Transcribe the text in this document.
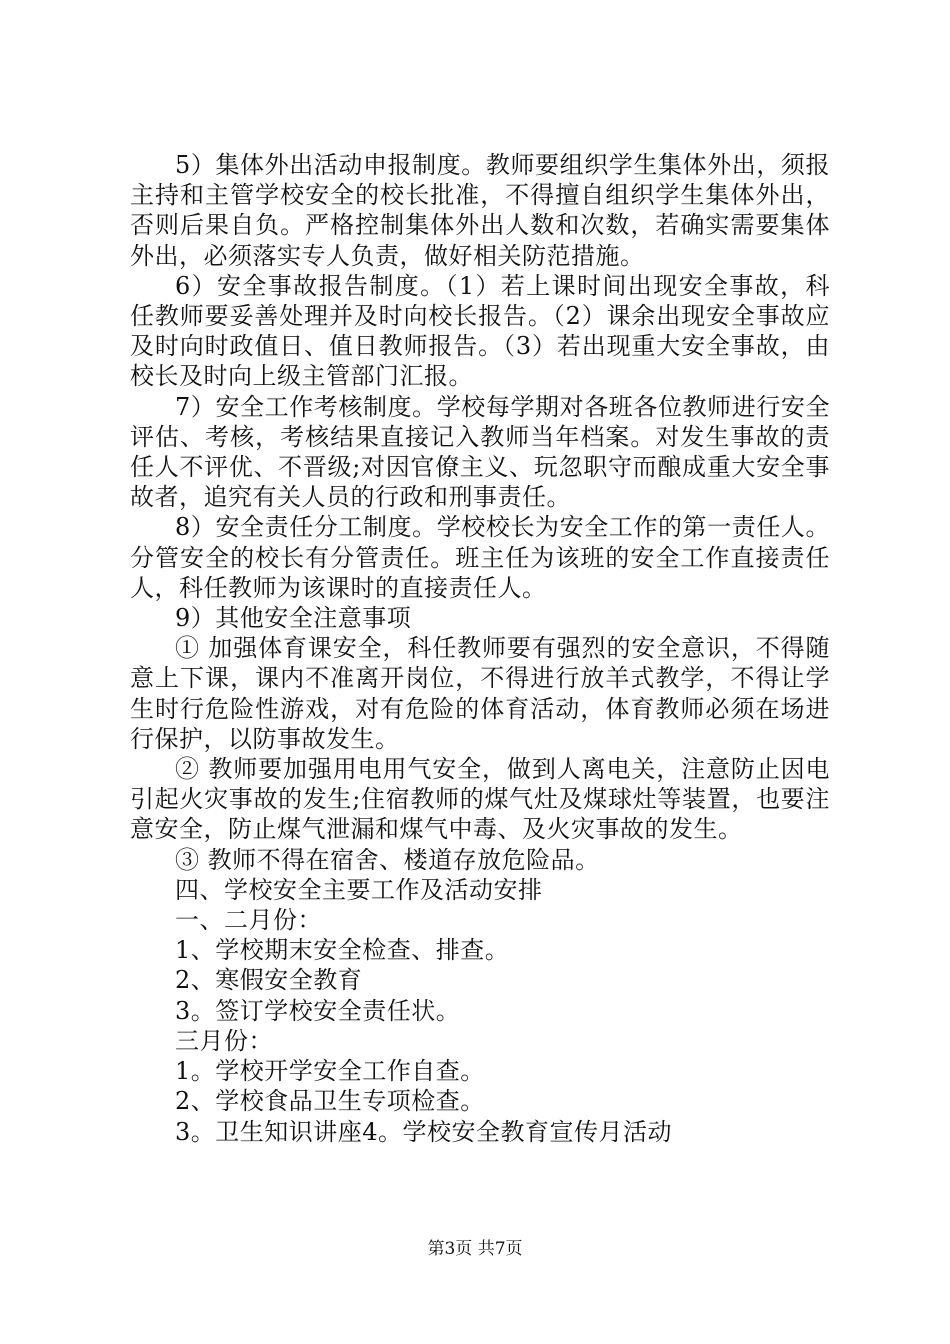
5）集体外出活动申报制度。教师要组织学生集体外出，须报主持和主管学校安全的校长批准，不得擅自组织学生集体外出，否则后果自负。严格控制集体外出人数和次数，若确实需要集体外出，必须落实专人负责，做好相关防范措施。

6）安全事故报告制度。（1）若上课时间出现安全事故，科任教师要妥善处理并及时向校长报告。（2）课余出现安全事故应及时向时政值日、值日教师报告。（3）若出现重大安全事故，由校长及时向上级主管部门汇报。

7）安全工作考核制度。学校每学期对各班各位教师进行安全评估、考核，考核结果直接记入教师当年档案。对发生事故的责任人不评优、不晋级;对因官僚主义、玩忽职守而酿成重大安全事故者，追究有关人员的行政和刑事责任。

8）安全责任分工制度。学校校长为安全工作的第一责任人。分管安全的校长有分管责任。班主任为该班的安全工作直接责任人，科任教师为该课时的直接责任人。

9）其他安全注意事项

① 加强体育课安全，科任教师要有强烈的安全意识，不得随意上下课，课内不准离开岗位，不得进行放羊式教学，不得让学生时行危险性游戏，对有危险的体育活动，体育教师必须在场进行保护，以防事故发生。

② 教师要加强用电用气安全，做到人离电关，注意防止因电引起火灾事故的发生;住宿教师的煤气灶及煤球灶等装置，也要注意安全，防止煤气泄漏和煤气中毒、及火灾事故的发生。

③ 教师不得在宿舍、楼道存放危险品。

四、学校安全主要工作及活动安排

一、二月份：

1、学校期末安全检查、排查。

2、寒假安全教育

3。签订学校安全责任状。

三月份：

1。学校开学安全工作自查。

2、学校食品卫生专项检查。

3。卫生知识讲座4。学校安全教育宣传月活动

第3页 共7页
